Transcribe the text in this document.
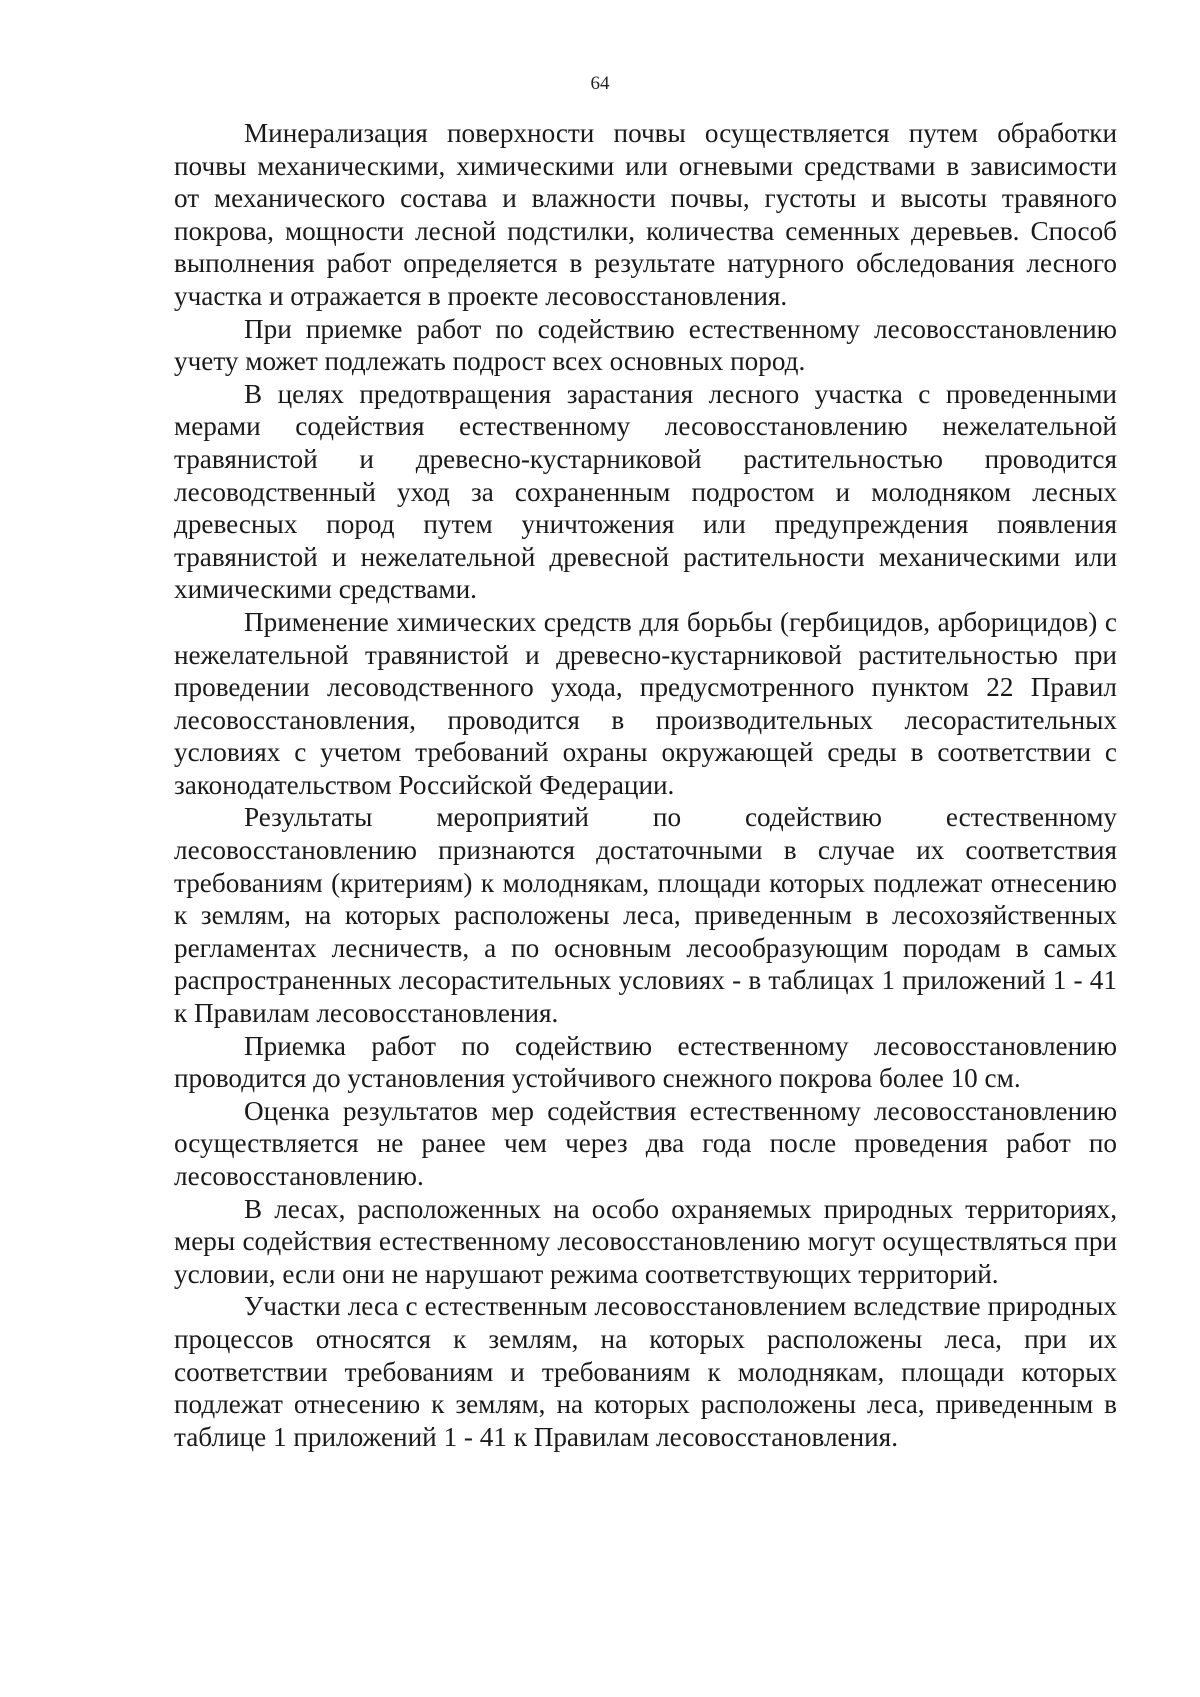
64

Минерализация поверхности почвы осуществляется путем обработки почвы механическими, химическими или огневыми средствами в зависимости от механического состава и влажности почвы, густоты и высоты травяного покрова, мощности лесной подстилки, количества семенных деревьев. Способ выполнения работ определяется в результате натурного обследования лесного участка и отражается в проекте лесовосстановления.

При приемке работ по содействию естественному лесовосстановлению учету может подлежать подрост всех основных пород.

В целях предотвращения зарастания лесного участка с проведенными мерами содействия естественному лесовосстановлению нежелательной травянистой и древесно-кустарниковой растительностью проводится лесоводственный уход за сохраненным подростом и молодняком лесных древесных пород путем уничтожения или предупреждения появления травянистой и нежелательной древесной растительности механическими или химическими средствами.

Применение химических средств для борьбы (гербицидов, арборицидов) с нежелательной травянистой и древесно-кустарниковой растительностью при проведении лесоводственного ухода, предусмотренного пунктом 22 Правил лесовосстановления, проводится в производительных лесорастительных условиях с учетом требований охраны окружающей среды в соответствии с законодательством Российской Федерации.

Результаты мероприятий по содействию естественному лесовосстановлению признаются достаточными в случае их соответствия требованиям (критериям) к молоднякам, площади которых подлежат отнесению к землям, на которых расположены леса, приведенным в лесохозяйственных регламентах лесничеств, а по основным лесообразующим породам в самых распространенных лесорастительных условиях - в таблицах 1 приложений 1 - 41 к Правилам лесовосстановления.

Приемка работ по содействию естественному лесовосстановлению проводится до установления устойчивого снежного покрова более 10 см.

Оценка результатов мер содействия естественному лесовосстановлению осуществляется не ранее чем через два года после проведения работ по лесовосстановлению.

В лесах, расположенных на особо охраняемых природных территориях, меры содействия естественному лесовосстановлению могут осуществляться при условии, если они не нарушают режима соответствующих территорий.

Участки леса с естественным лесовосстановлением вследствие природных процессов относятся к землям, на которых расположены леса, при их соответствии требованиям и требованиям к молоднякам, площади которых подлежат отнесению к землям, на которых расположены леса, приведенным в таблице 1 приложений 1 - 41 к Правилам лесовосстановления.
